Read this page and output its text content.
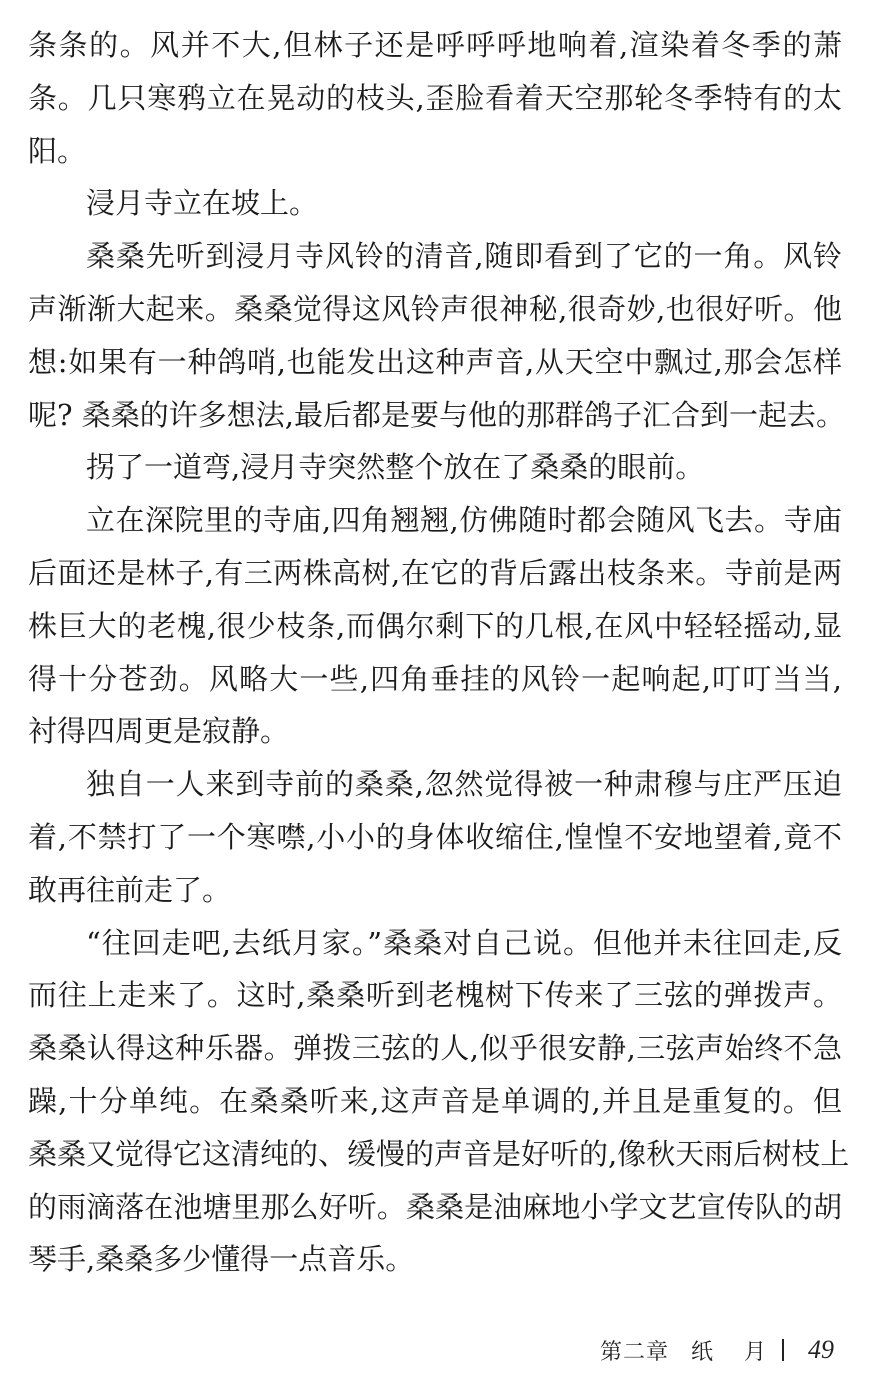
条条的。风并不大,但林子还是呼呼呼地响着,渲染着冬季的萧
条。几只寒鸦立在晃动的枝头,歪脸看着天空那轮冬季特有的太
阳。
浸月寺立在坡上。
桑桑先听到浸月寺风铃的清音,随即看到了它的一角。风铃
声渐渐大起来。桑桑觉得这风铃声很神秘,很奇妙,也很好听。他
想:如果有一种鸽哨,也能发出这种声音,从天空中飘过,那会怎样
呢? 桑桑的许多想法,最后都是要与他的那群鸽子汇合到一起去。
拐了一道弯,浸月寺突然整个放在了桑桑的眼前。
立在深院里的寺庙,四角翘翘,仿佛随时都会随风飞去。寺庙
后面还是林子,有三两株高树,在它的背后露出枝条来。寺前是两
株巨大的老槐,很少枝条,而偶尔剩下的几根,在风中轻轻摇动,显
得十分苍劲。风略大一些,四角垂挂的风铃一起响起,叮叮当当,
衬得四周更是寂静。
独自一人来到寺前的桑桑,忽然觉得被一种肃穆与庄严压迫
着,不禁打了一个寒噤,小小的身体收缩住,惶惶不安地望着,竟不
敢再往前走了。
“往回走吧,去纸月家。”桑桑对自己说。但他并未往回走,反
而往上走来了。这时,桑桑听到老槐树下传来了三弦的弹拨声。
桑桑认得这种乐器。弹拨三弦的人,似乎很安静,三弦声始终不急
躁,十分单纯。在桑桑听来,这声音是单调的,并且是重复的。但
桑桑又觉得它这清纯的、缓慢的声音是好听的,像秋天雨后树枝上
的雨滴落在池塘里那么好听。桑桑是油麻地小学文艺宣传队的胡
琴手,桑桑多少懂得一点音乐。
第二章 纸 月 49
